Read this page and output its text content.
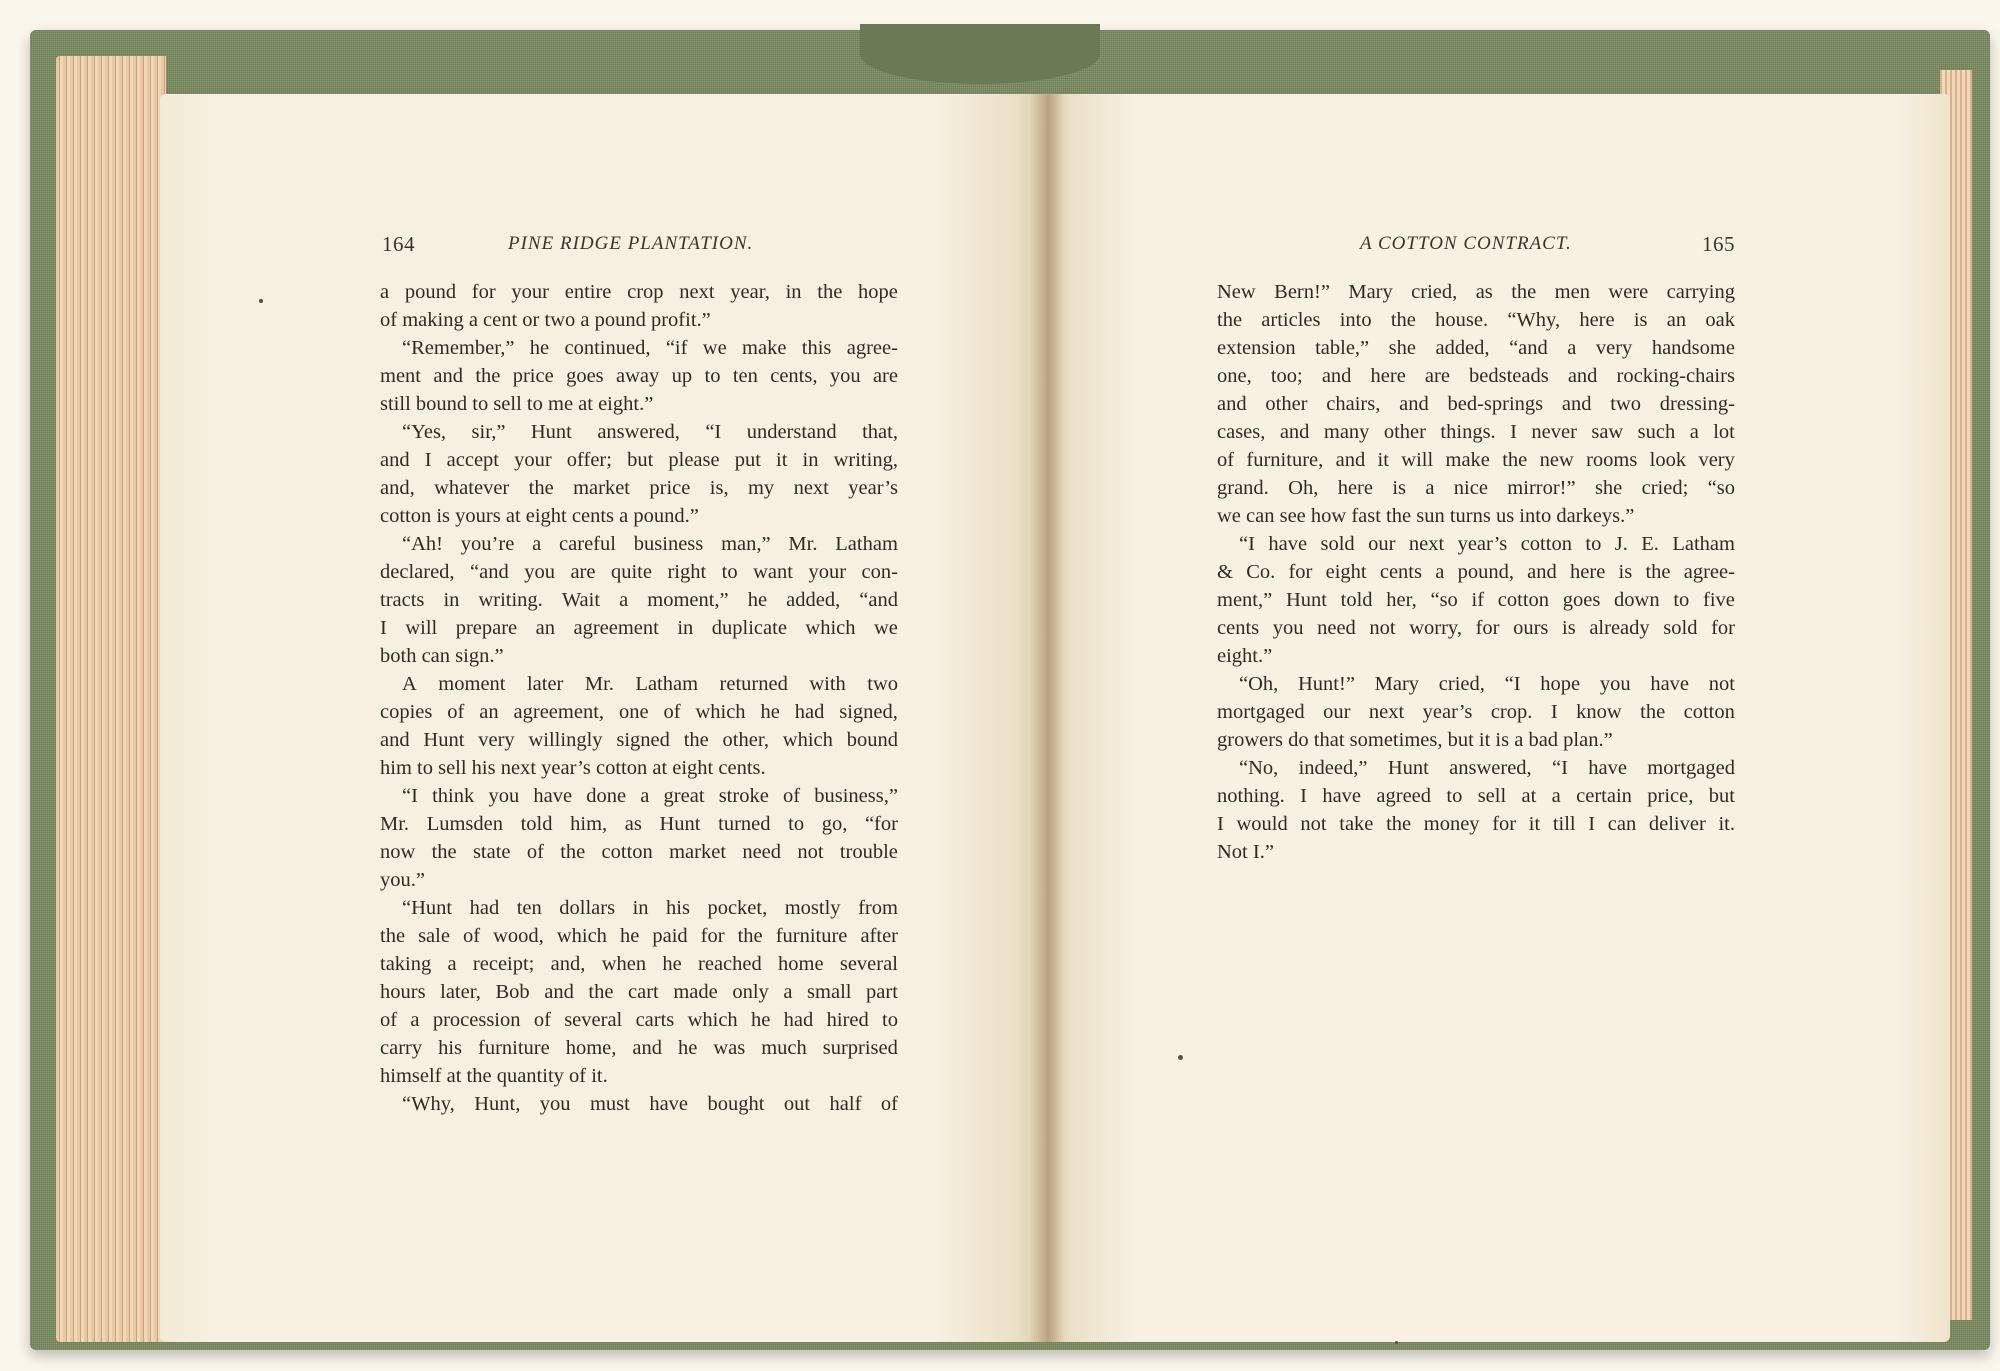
164	PINE RIDGE PLANTATION.	A COTTON CONTRACT.	165
a pound for your entire crop next year, in the hope
of making a cent or two a pound profit.”
“Remember,” he continued, “if we make this agree-
ment and the price goes away up to ten cents, you are
still bound to sell to me at eight.”
“Yes, sir,” Hunt answered, “I understand that,
and I accept your offer; but please put it in writing,
and, whatever the market price is, my next year’s
cotton is yours at eight cents a pound.”
“Ah! you’re a careful business man,” Mr. Latham
declared, “and you are quite right to want your con-
tracts in writing. Wait a moment,” he added, “and
I will prepare an agreement in duplicate which we
both can sign.”
A moment later Mr. Latham returned with two
copies of an agreement, one of which he had signed,
and Hunt very willingly signed the other, which bound
him to sell his next year’s cotton at eight cents.
“I think you have done a great stroke of business,”
Mr. Lumsden told him, as Hunt turned to go, “for
now the state of the cotton market need not trouble
you.”
“Hunt had ten dollars in his pocket, mostly from
the sale of wood, which he paid for the furniture after
taking a receipt; and, when he reached home several
hours later, Bob and the cart made only a small part
of a procession of several carts which he had hired to
carry his furniture home, and he was much surprised
himself at the quantity of it.
“Why, Hunt, you must have bought out half of
New Bern!” Mary cried, as the men were carrying
the articles into the house. “Why, here is an oak
extension table,” she added, “and a very handsome
one, too; and here are bedsteads and rocking-chairs
and other chairs, and bed-springs and two dressing-
cases, and many other things. I never saw such a lot
of furniture, and it will make the new rooms look very
grand. Oh, here is a nice mirror!” she cried; “so
we can see how fast the sun turns us into darkeys.”
“I have sold our next year’s cotton to J. E. Latham
& Co. for eight cents a pound, and here is the agree-
ment,” Hunt told her, “so if cotton goes down to five
cents you need not worry, for ours is already sold for
eight.”
“Oh, Hunt!” Mary cried, “I hope you have not
mortgaged our next year’s crop. I know the cotton
growers do that sometimes, but it is a bad plan.”
“No, indeed,” Hunt answered, “I have mortgaged
nothing. I have agreed to sell at a certain price, but
I would not take the money for it till I can deliver it.
Not I.”
